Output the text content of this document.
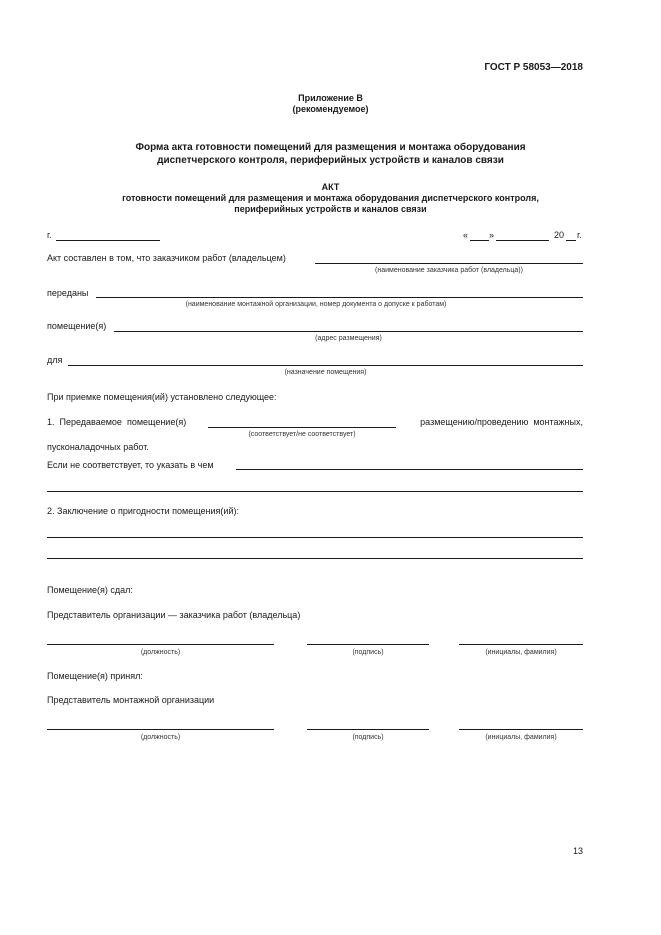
ГОСТ Р 58053—2018
Приложение В
(рекомендуемое)
Форма акта готовности помещений для размещения и монтажа оборудования
диспетчерского контроля, периферийных устройств и каналов связи
АКТ
готовности помещений для размещения и монтажа оборудования диспетчерского контроля,
периферийных устройств и каналов связи
г.	« »	20 г.
Акт составлен в том, что заказчиком работ (владельцем)
(наименование заказчика работ (владельца))
переданы
(наименование монтажной организации, номер документа о допуске к работам)
помещение(я)
(адрес размещения)
для
(назначение помещения)
При приемке помещения(ий) установлено следующее:
1.  Передаваемое  помещение(я)	размещению/проведению  монтажных,
(соответствует/не соответствует)
пусконаладочных работ.
Если не соответствует, то указать в чем
2. Заключение о пригодности помещения(ий):
Помещение(я) сдал:
Представитель организации — заказчика работ (владельца)
(должность)	(подпись)	(инициалы, фамилия)
Помещение(я) принял:
Представитель монтажной организации
(должность)	(подпись)	(инициалы, фамилия)
13
